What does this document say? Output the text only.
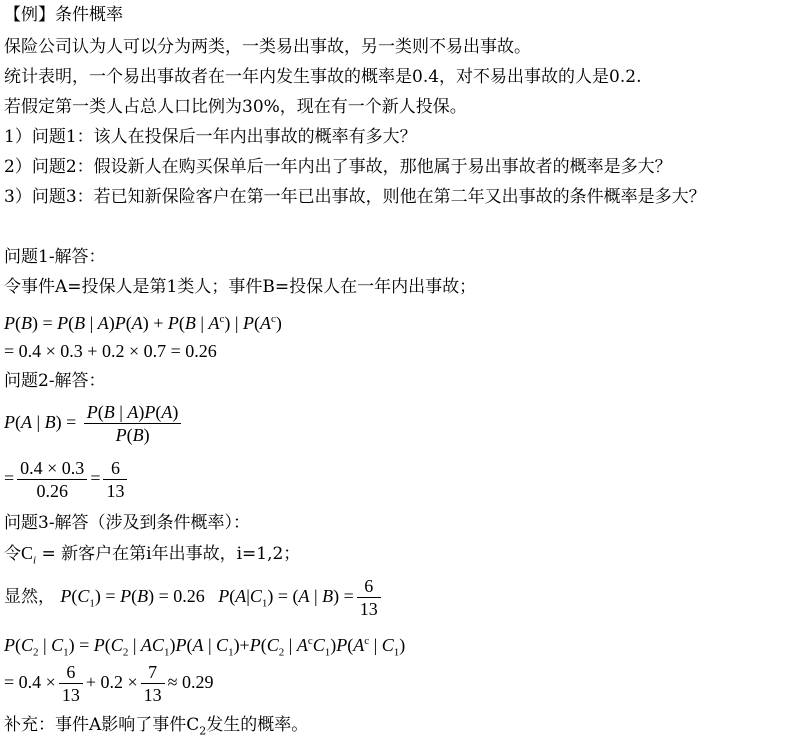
【例】条件概率
保险公司认为人可以分为两类，一类易出事故，另一类则不易出事故。
统计表明，一个易出事故者在一年内发生事故的概率是0.4，对不易出事故的人是0.2.
若假定第一类人占总人口比例为30%，现在有一个新人投保。
1）问题1：该人在投保后一年内出事故的概率有多大？
2）问题2：假设新人在购买保单后一年内出了事故，那他属于易出事故者的概率是多大？
3）问题3：若已知新保险客户在第一年已出事故，则他在第二年又出事故的条件概率是多大？
问题1-解答：
令事件A=投保人是第1类人；事件B=投保人在一年内出事故；
P(B) = P(B | A)P(A) + P(B | $A^c$) | $P(A^c)$
= 0.4 × 0.3 + 0.2 × 0.7 = 0.26
问题2-解答：
P(A | $B) = \frac{P(B | A)P(A)}{P(B)}$
= $\frac{0.4 \times 0.3}{0.26} = \frac{6}{13}$
问题3-解答（涉及到条件概率）：
令$C_i$ = 新客户在第i年出事故，i=1,2；
显然， $P(C_1) = P(B) = 0.26$   $P(A|C_1) = (A$ | $B) = \frac{6}{13}$
$P(C_2$ | $C_1) = P(C_2$ | $AC_1)P(A$ | $C_1)+P(C_2$ | $A^cC_1)P(A^c$ | $C_1$)
= $0.4 \times \frac{6}{13} + 0.2 \times \frac{7}{13} \approx 0.29$
补充：事件A影响了事件$C_2$发生的概率。
